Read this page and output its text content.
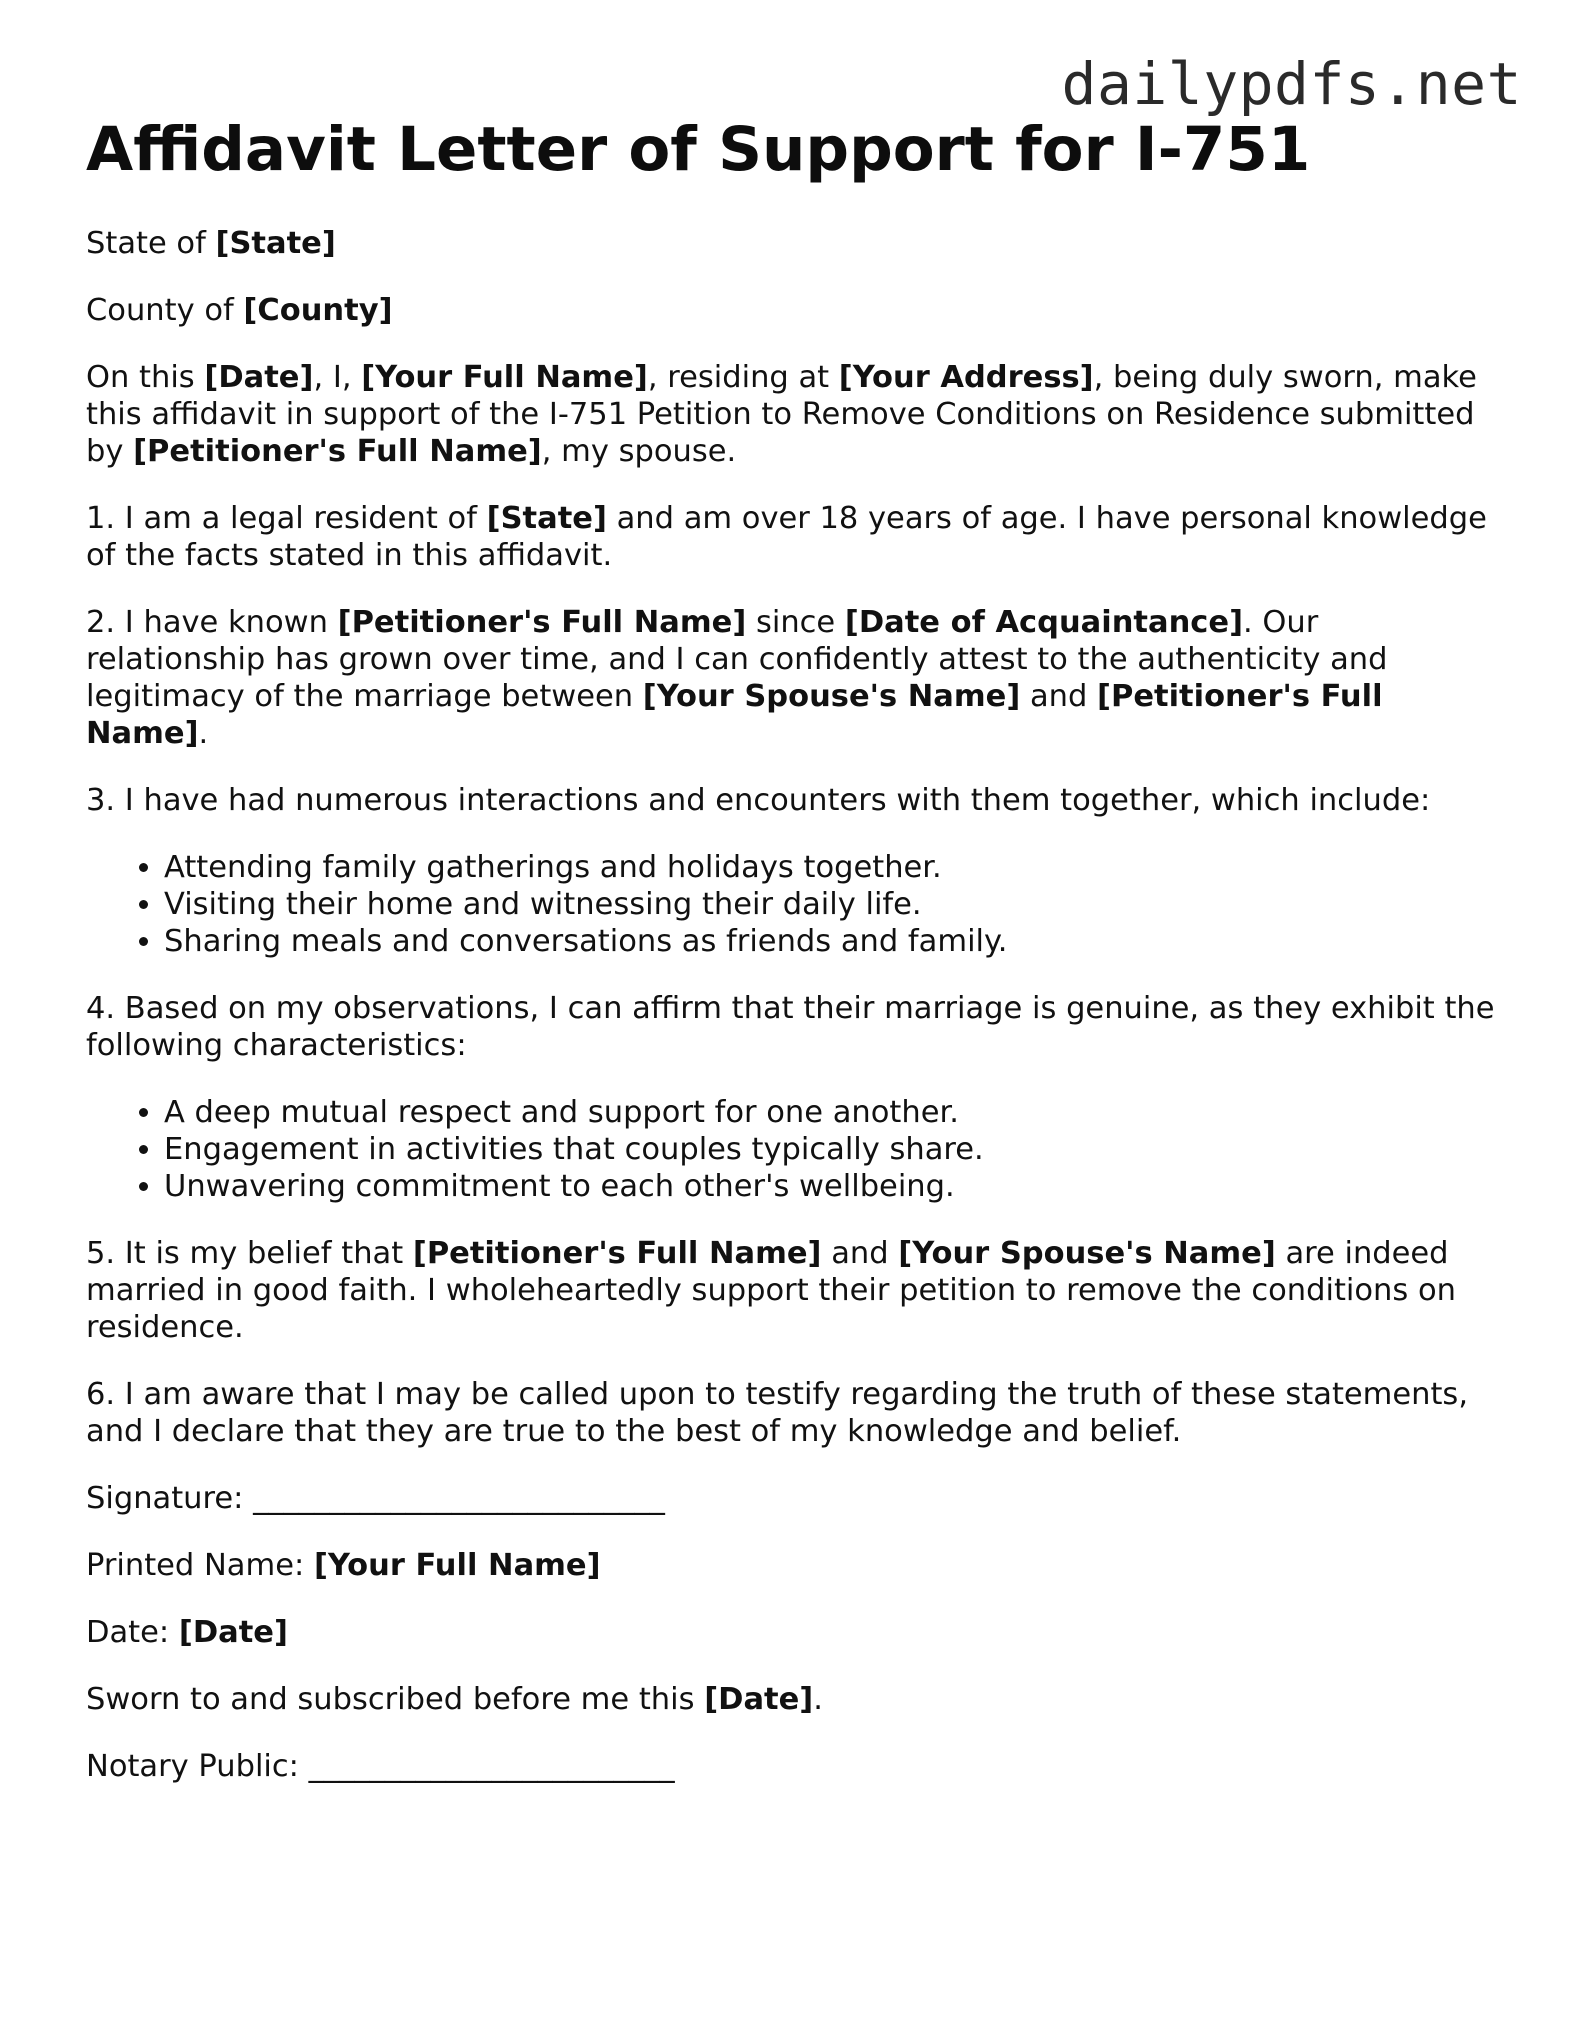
dailypdfs.net
Affidavit Letter of Support for I-751

State of [State]

County of [County]

On this [Date], I, [Your Full Name], residing at [Your Address], being duly sworn, make this affidavit in support of the I-751 Petition to Remove Conditions on Residence submitted by [Petitioner's Full Name], my spouse.

1. I am a legal resident of [State] and am over 18 years of age. I have personal knowledge of the facts stated in this affidavit.

2. I have known [Petitioner's Full Name] since [Date of Acquaintance]. Our relationship has grown over time, and I can confidently attest to the authenticity and legitimacy of the marriage between [Your Spouse's Name] and [Petitioner's Full Name].

3. I have had numerous interactions and encounters with them together, which include:

• Attending family gatherings and holidays together.
• Visiting their home and witnessing their daily life.
• Sharing meals and conversations as friends and family.

4. Based on my observations, I can affirm that their marriage is genuine, as they exhibit the following characteristics:

• A deep mutual respect and support for one another.
• Engagement in activities that couples typically share.
• Unwavering commitment to each other's wellbeing.

5. It is my belief that [Petitioner's Full Name] and [Your Spouse's Name] are indeed married in good faith. I wholeheartedly support their petition to remove the conditions on residence.

6. I am aware that I may be called upon to testify regarding the truth of these statements, and I declare that they are true to the best of my knowledge and belief.

Signature: ___________________________

Printed Name: [Your Full Name]

Date: [Date]

Sworn to and subscribed before me this [Date].

Notary Public: ________________________
